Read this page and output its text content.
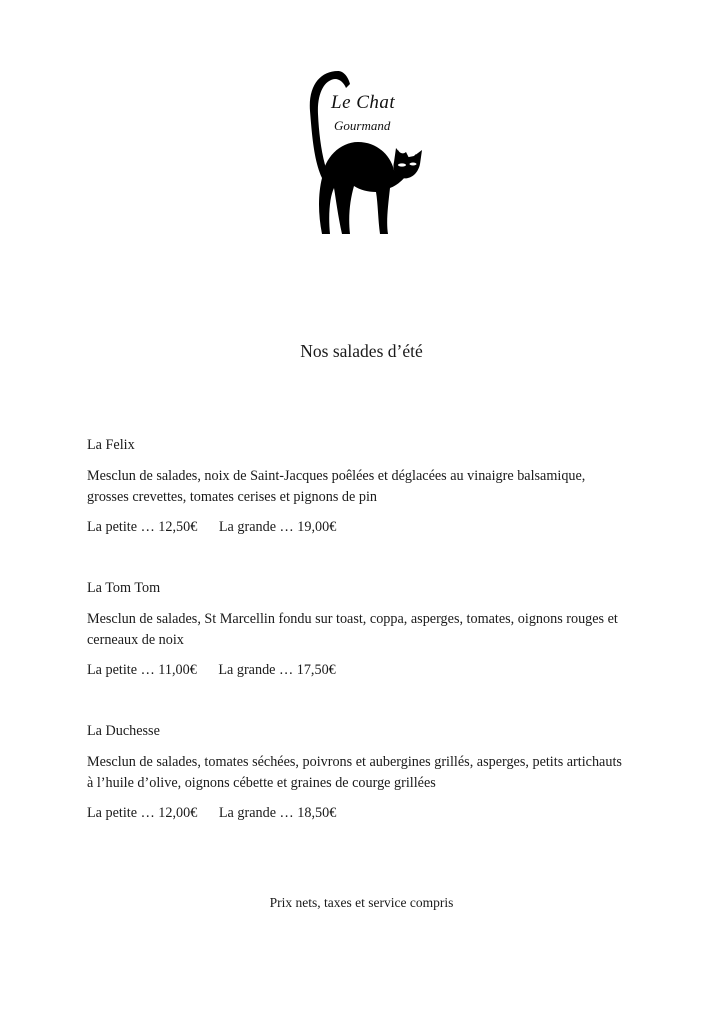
Le Chat
Gourmand
Nos salades d’été
La Felix
Mesclun de salades, noix de Saint-Jacques poêlées et déglacées au vinaigre balsamique, grosses crevettes, tomates cerises et pignons de pin
La petite … 12,50€ La grande … 19,00€
La Tom Tom
Mesclun de salades, St Marcellin fondu sur toast, coppa, asperges, tomates, oignons rouges et cerneaux de noix
La petite … 11,00€ La grande … 17,50€
La Duchesse
Mesclun de salades, tomates séchées, poivrons et aubergines grillés, asperges, petits artichauts à l’huile d’olive, oignons cébette et graines de courge grillées
La petite … 12,00€ La grande … 18,50€
Prix nets, taxes et service compris
